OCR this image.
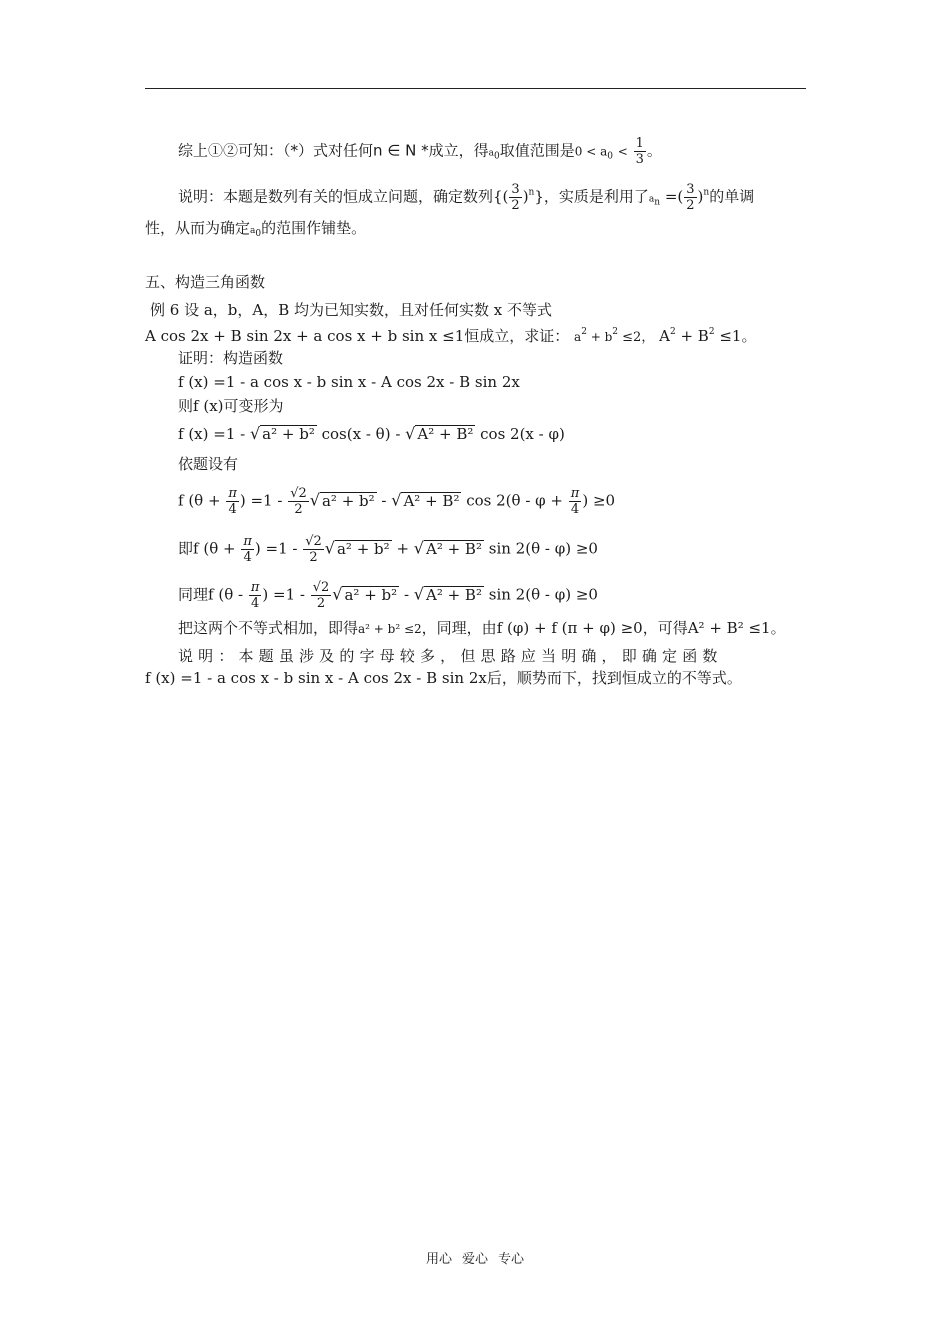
综上①②可知：（*）式对任何n ∈ N *成立，得$a_0$取值范围是$0 < a_0 < \frac{1}{3}$ 。
说明：本题是数列有关的恒成立问题，确定数列{( $\frac{3}{2} )^n$}，实质是利用了$a_n$ =( $\frac{3}{2} )^n$的单调
性，从而为确定$a_0$的范围作铺垫。
五、构造三角函数
例 6 设 a，b，A，B 均为已知实数，且对任何实数 x 不等式
A cos 2x + B sin 2x + a cos x + b sin x ≤1恒成立，求证： $a^2 + b^2 \le 2$， $A^2 + B^2 \le 1$。
证明：构造函数
f (x) =1 - a cos x - b sin x - A cos 2x - B sin 2x
则f (x)可变形为
f (x) =1 - √ a² + b² cos(x - θ) - √ A² + B² cos 2(x - φ)
依题设有
f ($\theta + \frac{\pi}{4}$ ) $=1 - \frac{√2}{2}$ √ a² + b² - √ A² + B² $\cos 2(\theta - \varphi + \frac{\pi}{4}$ ) ≥0
即f ($\theta + \frac{\pi}{4}$ ) $=1 - \frac{√2}{2}$ √ a² + b² + √ A² + B² sin 2(θ - φ) ≥0
同理f ($\theta - \frac{\pi}{4}$ ) $=1 - \frac{√2}{2}$ √ a² + b² - √ A² + B² sin 2(θ - φ) ≥0
把这两个不等式相加，即得a² + b² ≤2，同理，由f (φ) + f (π + φ) ≥0，可得A² + B² ≤1。
说 明 ： 本 题 虽 涉 及 的 字 母 较 多 ， 但 思 路 应 当 明 确 ， 即 确 定 函 数
f (x) =1 - a cos x - b sin x - A cos 2x - B sin 2x后，顺势而下，找到恒成立的不等式。
用心 爱心 专心
